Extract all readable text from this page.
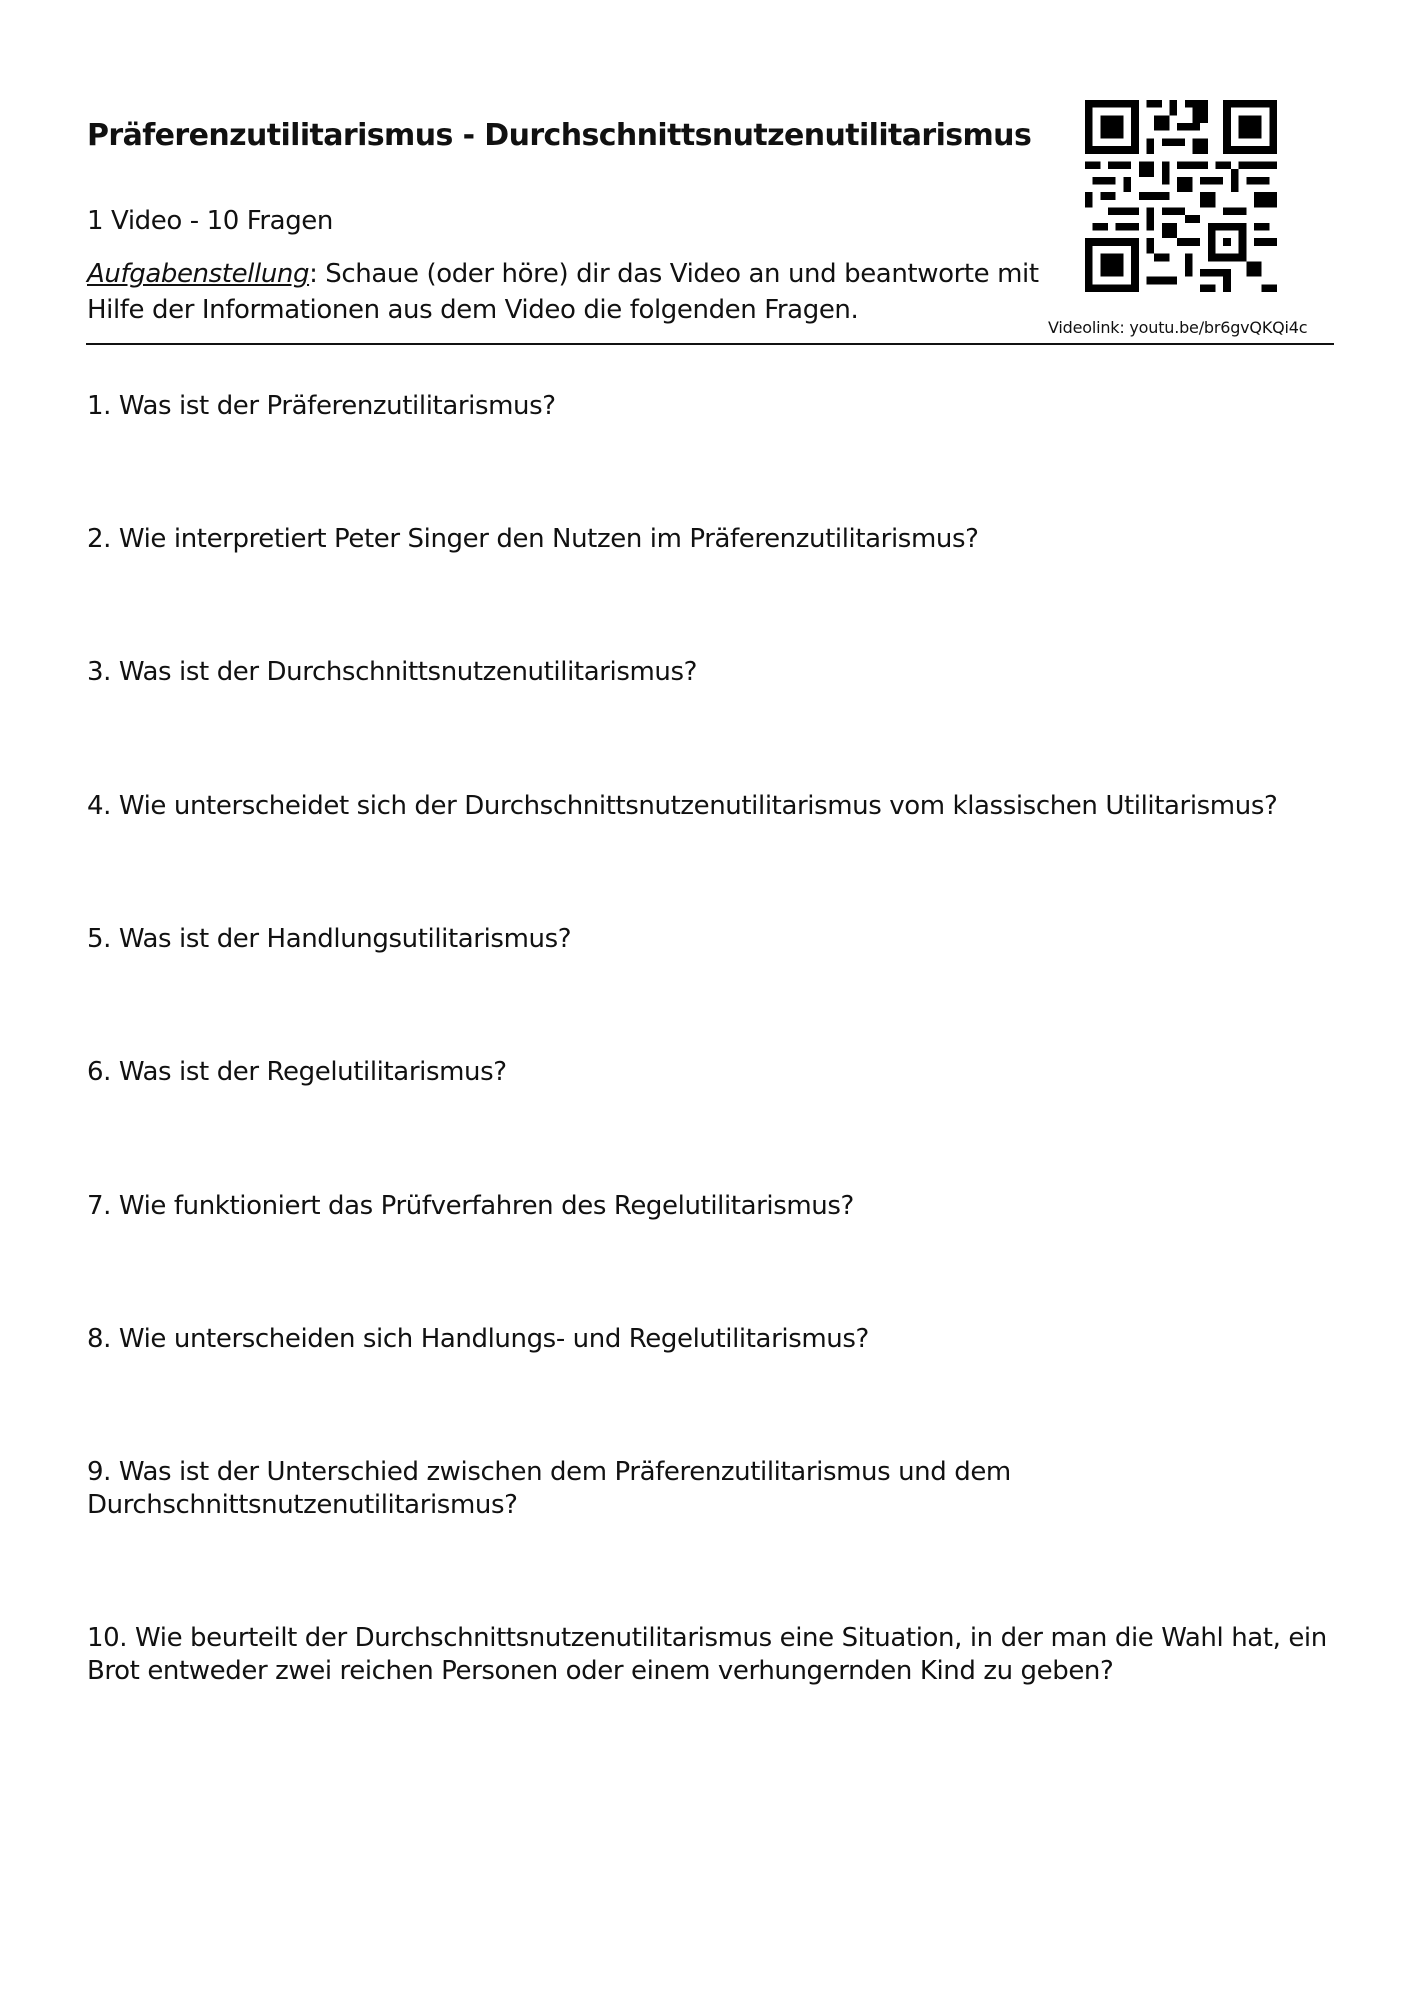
Präferenzutilitarismus - Durchschnittsnutzenutilitarismus
1 Video - 10 Fragen
Aufgabenstellung: Schaue (oder höre) dir das Video an und beantworte mit Hilfe der Informationen aus dem Video die folgenden Fragen.
Videolink: youtu.be/br6gvQKQi4c
1. Was ist der Präferenzutilitarismus?
2. Wie interpretiert Peter Singer den Nutzen im Präferenzutilitarismus?
3. Was ist der Durchschnittsnutzenutilitarismus?
4. Wie unterscheidet sich der Durchschnittsnutzenutilitarismus vom klassischen Utilitarismus?
5. Was ist der Handlungsutilitarismus?
6. Was ist der Regelutilitarismus?
7. Wie funktioniert das Prüfverfahren des Regelutilitarismus?
8. Wie unterscheiden sich Handlungs- und Regelutilitarismus?
9. Was ist der Unterschied zwischen dem Präferenzutilitarismus und dem Durchschnittsnutzenutilitarismus?
10. Wie beurteilt der Durchschnittsnutzenutilitarismus eine Situation, in der man die Wahl hat, ein Brot entweder zwei reichen Personen oder einem verhungernden Kind zu geben?
